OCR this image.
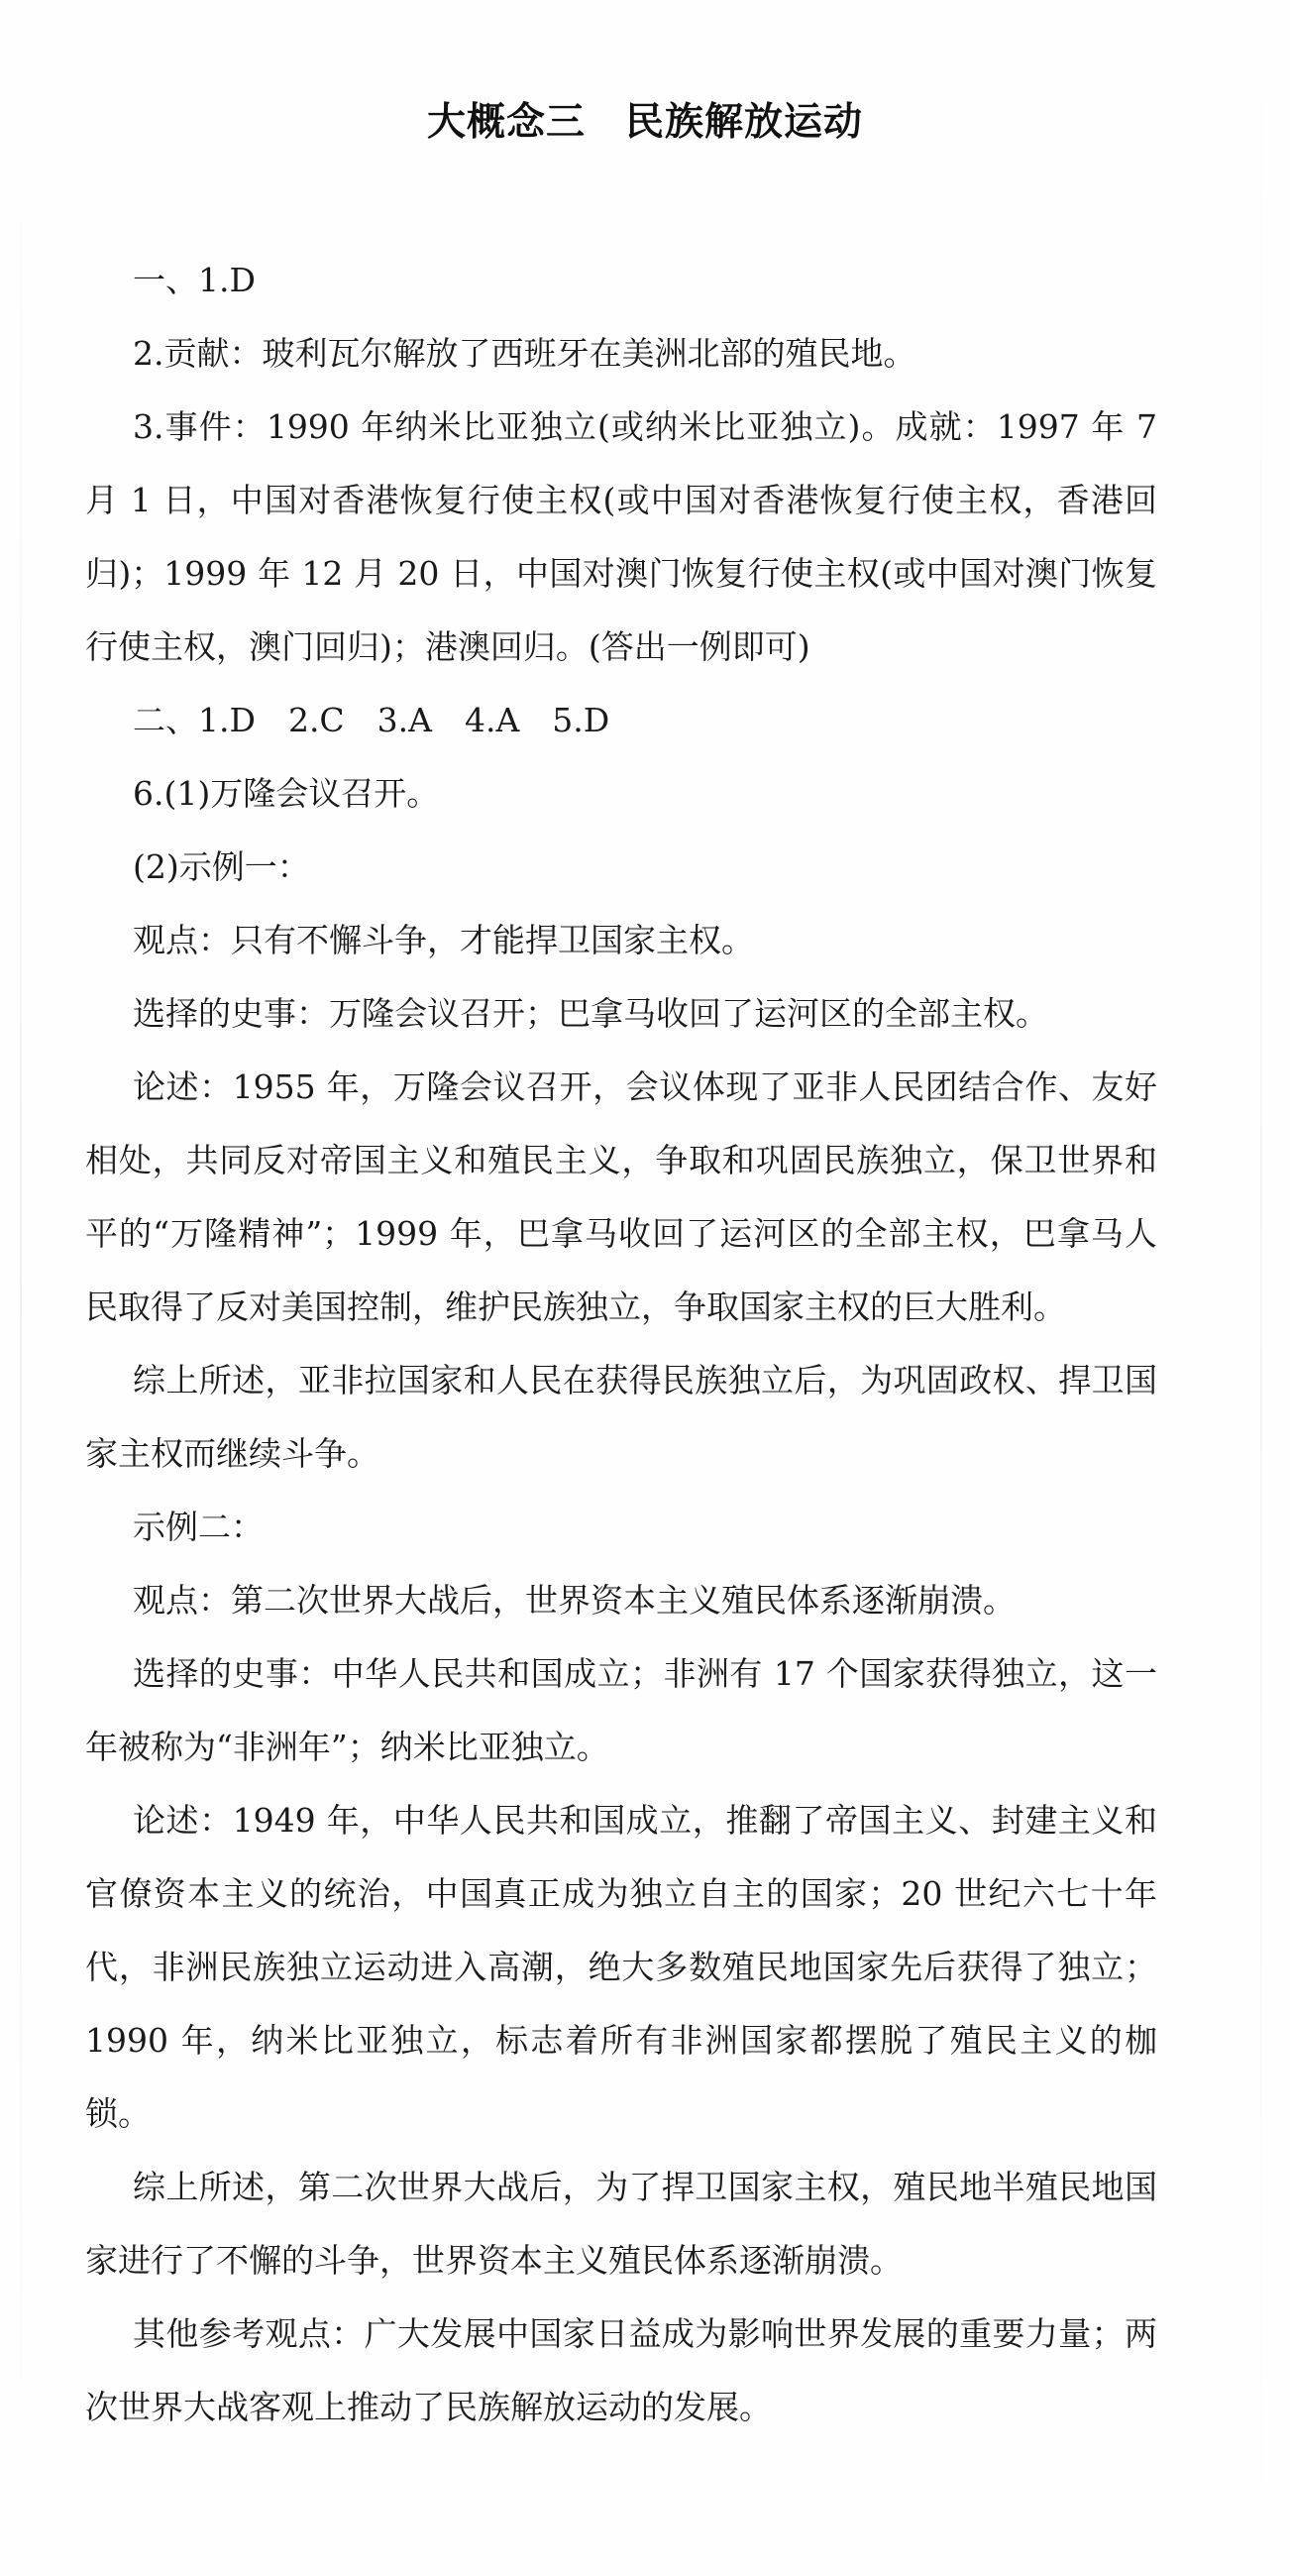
大概念三　民族解放运动

一、1.D

2.贡献：玻利瓦尔解放了西班牙在美洲北部的殖民地。

3.事件：1990 年纳米比亚独立(或纳米比亚独立)。成就：1997 年 7 月 1 日，中国对香港恢复行使主权(或中国对香港恢复行使主权，香港回归)；1999 年 12 月 20 日，中国对澳门恢复行使主权(或中国对澳门恢复行使主权，澳门回归)；港澳回归。(答出一例即可)

二、1.D　2.C　3.A　4.A　5.D

6.(1)万隆会议召开。

(2)示例一：

观点：只有不懈斗争，才能捍卫国家主权。

选择的史事：万隆会议召开；巴拿马收回了运河区的全部主权。

论述：1955 年，万隆会议召开，会议体现了亚非人民团结合作、友好相处，共同反对帝国主义和殖民主义，争取和巩固民族独立，保卫世界和平的“万隆精神”；1999 年，巴拿马收回了运河区的全部主权，巴拿马人民取得了反对美国控制，维护民族独立，争取国家主权的巨大胜利。

综上所述，亚非拉国家和人民在获得民族独立后，为巩固政权、捍卫国家主权而继续斗争。

示例二：

观点：第二次世界大战后，世界资本主义殖民体系逐渐崩溃。

选择的史事：中华人民共和国成立；非洲有 17 个国家获得独立，这一年被称为“非洲年”；纳米比亚独立。

论述：1949 年，中华人民共和国成立，推翻了帝国主义、封建主义和官僚资本主义的统治，中国真正成为独立自主的国家；20 世纪六七十年代，非洲民族独立运动进入高潮，绝大多数殖民地国家先后获得了独立；1990 年，纳米比亚独立，标志着所有非洲国家都摆脱了殖民主义的枷锁。

综上所述，第二次世界大战后，为了捍卫国家主权，殖民地半殖民地国家进行了不懈的斗争，世界资本主义殖民体系逐渐崩溃。

其他参考观点：广大发展中国家日益成为影响世界发展的重要力量；两次世界大战客观上推动了民族解放运动的发展。
